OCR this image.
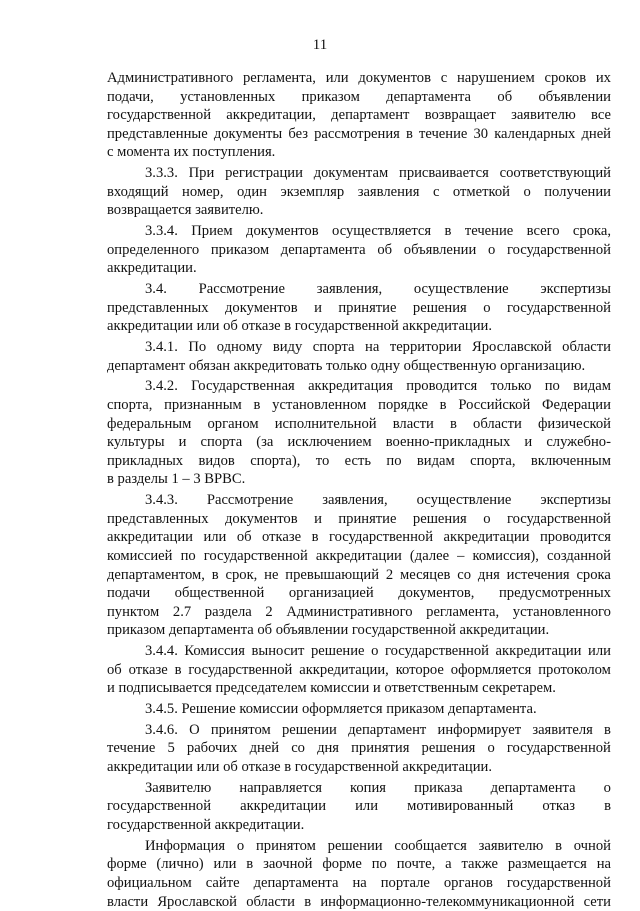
11
Административного регламента, или документов с нарушением сроков их
подачи, установленных приказом департамента об объявлении
государственной аккредитации, департамент возвращает заявителю все
представленные документы без рассмотрения в течение 30 календарных дней
с момента их поступления.
3.3.3. При регистрации документам присваивается соответствующий
входящий номер, один экземпляр заявления с отметкой о получении
возвращается заявителю.
3.3.4. Прием документов осуществляется в течение всего срока,
определенного приказом департамента об объявлении о государственной
аккредитации.
3.4. Рассмотрение заявления, осуществление экспертизы
представленных документов и принятие решения о государственной
аккредитации или об отказе в государственной аккредитации.
3.4.1. По одному виду спорта на территории Ярославской области
департамент обязан аккредитовать только одну общественную организацию.
3.4.2. Государственная аккредитация проводится только по видам
спорта, признанным в установленном порядке в Российской Федерации
федеральным органом исполнительной власти в области физической
культуры и спорта (за исключением военно-прикладных и служебно-
прикладных видов спорта), то есть по видам спорта, включенным
в разделы 1 – 3 ВРВС.
3.4.3. Рассмотрение заявления, осуществление экспертизы
представленных документов и принятие решения о государственной
аккредитации или об отказе в государственной аккредитации проводится
комиссией по государственной аккредитации (далее – комиссия), созданной
департаментом, в срок, не превышающий 2 месяцев со дня истечения срока
подачи общественной организацией документов, предусмотренных
пунктом 2.7 раздела 2 Административного регламента, установленного
приказом департамента об объявлении государственной аккредитации.
3.4.4. Комиссия выносит решение о государственной аккредитации или
об отказе в государственной аккредитации, которое оформляется протоколом
и подписывается председателем комиссии и ответственным секретарем.
3.4.5. Решение комиссии оформляется приказом департамента.
3.4.6. О принятом решении департамент информирует заявителя в
течение 5 рабочих дней со дня принятия решения о государственной
аккредитации или об отказе в государственной аккредитации.
Заявителю направляется копия приказа департамента о
государственной аккредитации или мотивированный отказ в
государственной аккредитации.
Информация о принятом решении сообщается заявителю в очной
форме (лично) или в заочной форме по почте, а также размещается на
официальном сайте департамента на портале органов государственной
власти Ярославской области в информационно-телекоммуникационной сети
